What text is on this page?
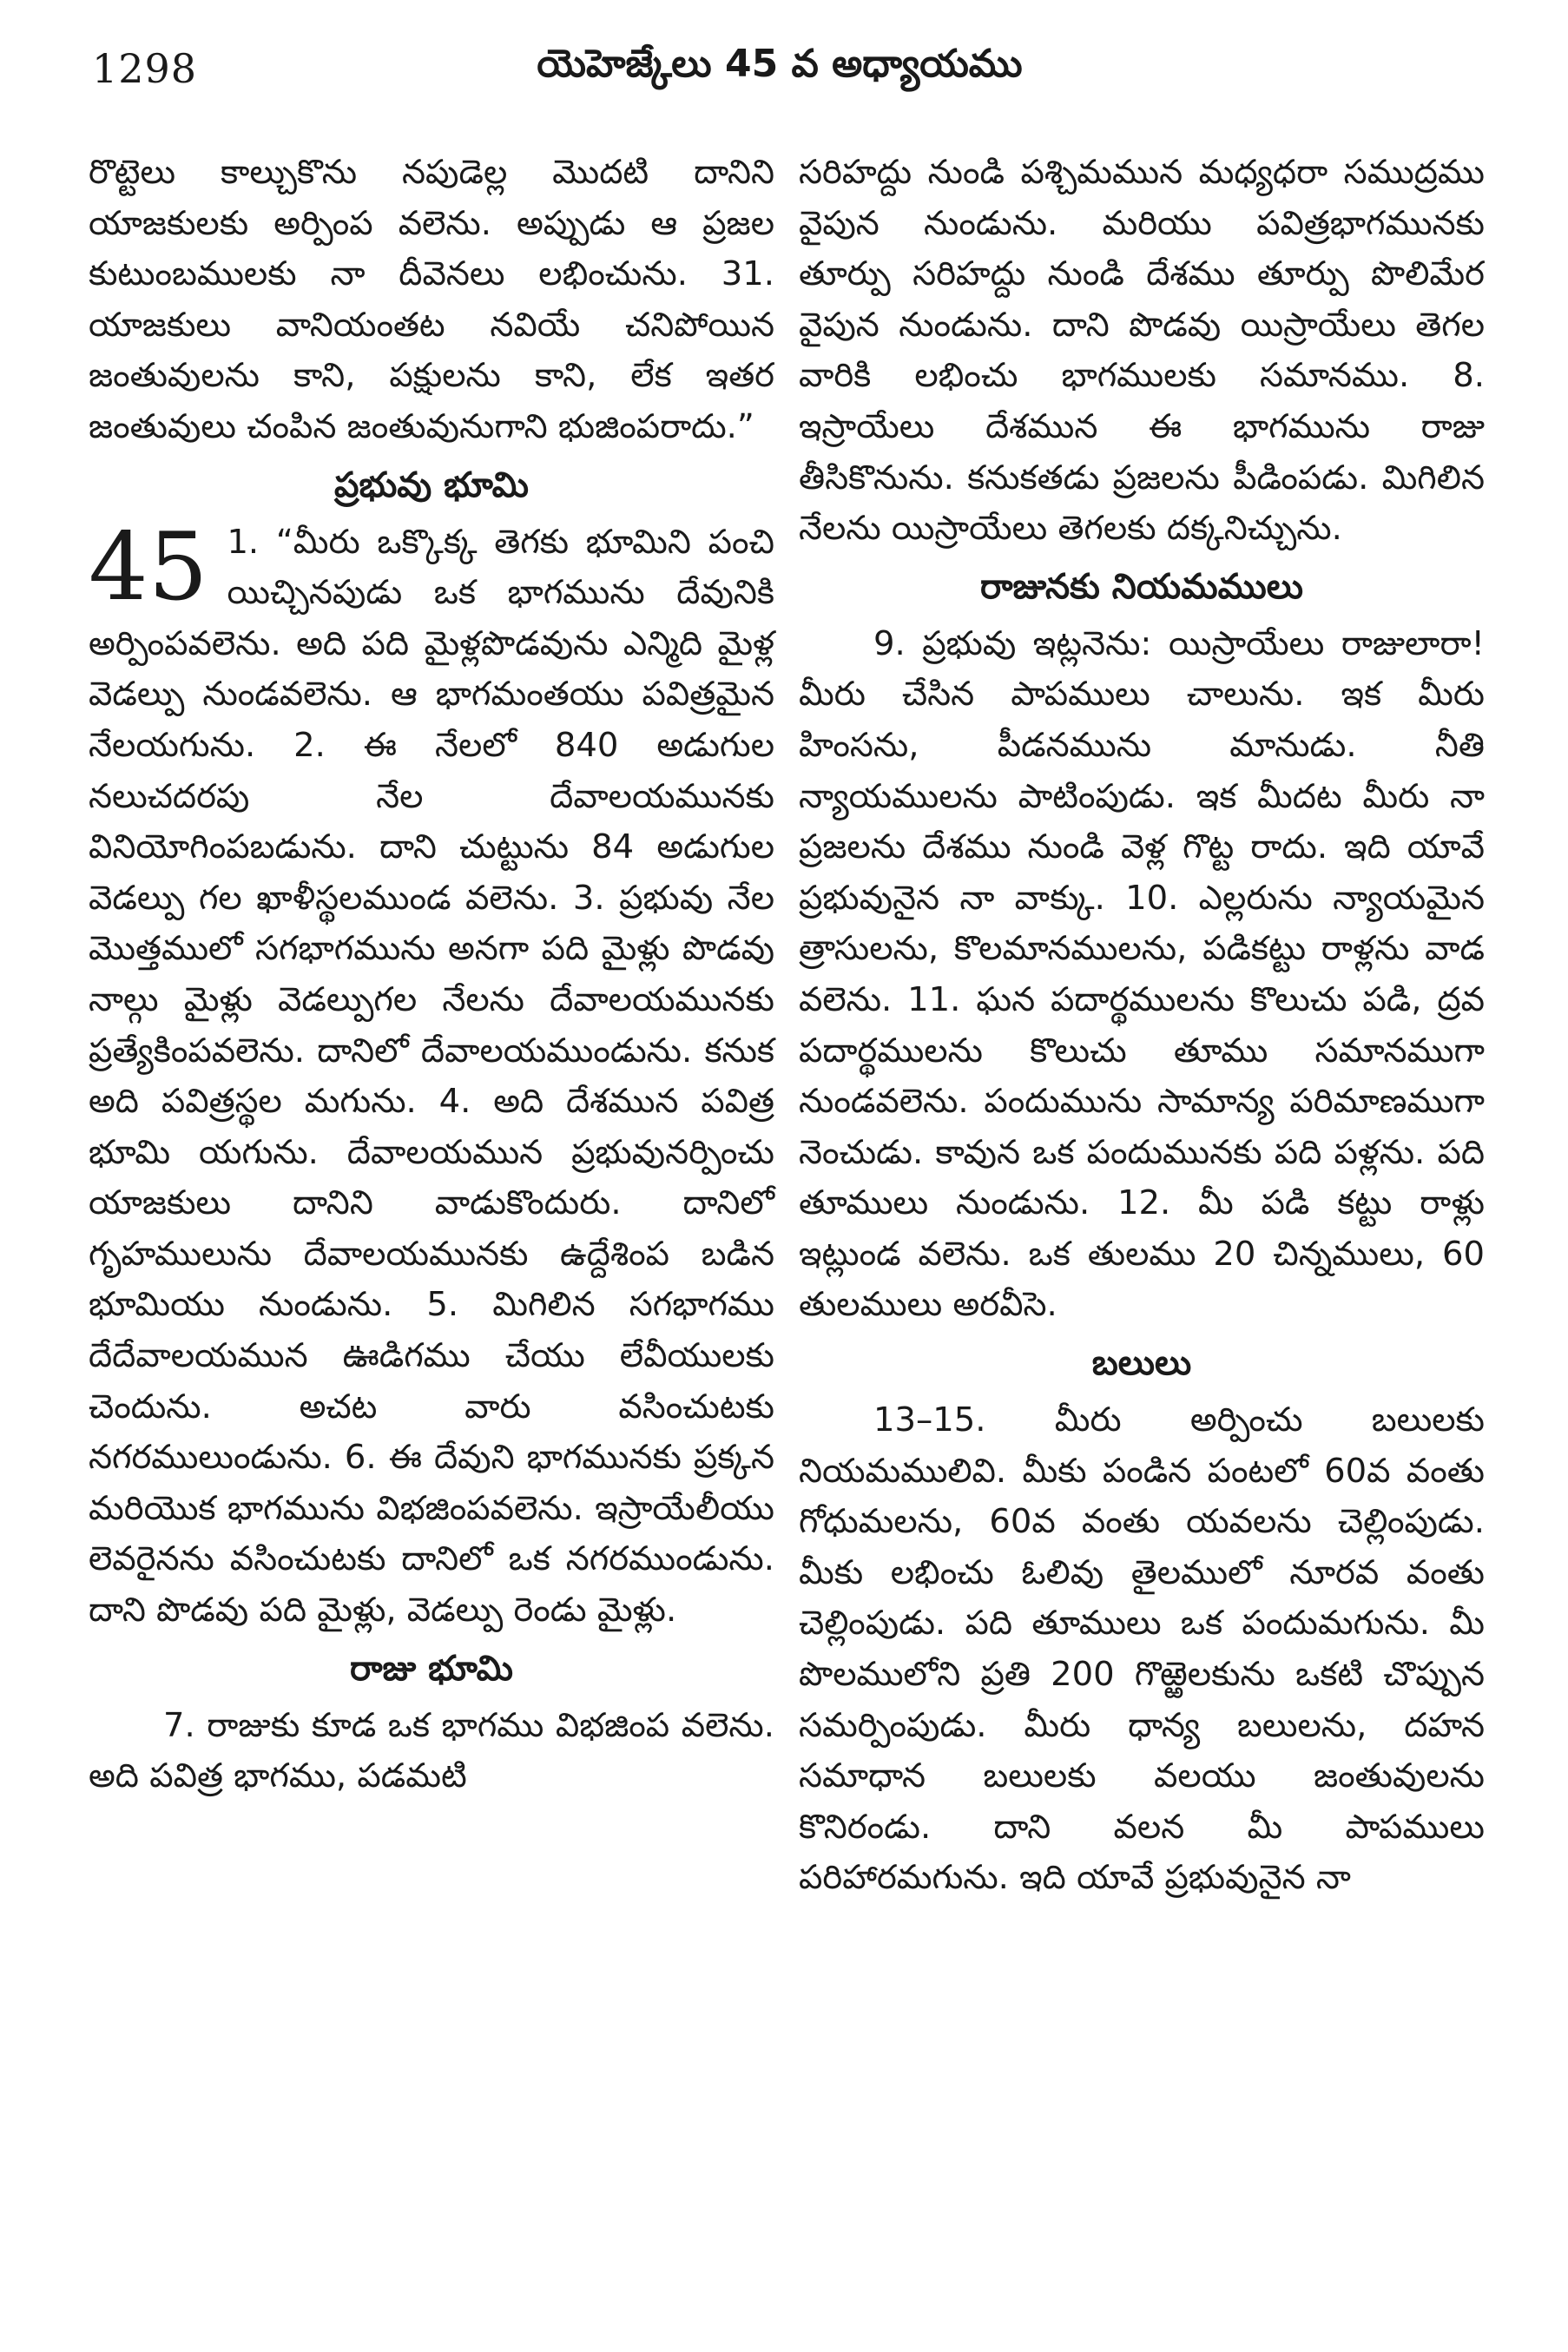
1298	యెహెజ్కేలు 45 వ అధ్యాయము

రొట్టెలు కాల్చుకొను నపుడెల్ల మొదటి దానిని యాజకులకు అర్పింప వలెను. అప్పుడు ఆ ప్రజల కుటుంబములకు నా దీవెనలు లభించును. 31. యాజకులు వానియంతట నవియే చనిపోయిన జంతువులను కాని, పక్షులను కాని, లేక ఇతర జంతువులు చంపిన జంతువునుగాని భుజింపరాదు.”

ప్రభువు భూమి

45 1. “మీరు ఒక్కొక్క తెగకు భూమిని పంచి యిచ్చినపుడు ఒక భాగమును దేవునికి అర్పింపవలెను. అది పది మైళ్లపొడవును ఎన్మిది మైళ్ల వెడల్పు నుండవలెను. ఆ భాగమంతయు పవిత్రమైన నేలయగును. 2. ఈ నేలలో 840 అడుగుల నలుచదరపు నేల దేవాలయమునకు వినియోగింపబడును. దాని చుట్టును 84 అడుగుల వెడల్పు గల ఖాళీస్థలముండ వలెను. 3. ప్రభువు నేల మొత్తములో సగభాగమును అనగా పది మైళ్లు పొడవు నాల్గు మైళ్లు వెడల్పుగల నేలను దేవాలయమునకు ప్రత్యేకింపవలెను. దానిలో దేవాలయముండును. కనుక అది పవిత్రస్థల మగును. 4. అది దేశమున పవిత్ర భూమి యగును. దేవాలయమున ప్రభువునర్పించు యాజకులు దానిని వాడుకొందురు. దానిలో గృహములును దేవాలయమునకు ఉద్దేశింప బడిన భూమియు నుండును. 5. మిగిలిన సగభాగము దేదేవాలయమున ఊడిగము చేయు లేవీయులకు చెందును. అచట వారు వసించుటకు నగరములుండును. 6. ఈ దేవుని భాగమునకు ప్రక్కన మరియొక భాగమును విభజింపవలెను. ఇస్రాయేలీయు లెవరైనను వసించుటకు దానిలో ఒక నగరముండును. దాని పొడవు పది మైళ్లు, వెడల్పు రెండు మైళ్లు.

రాజు భూమి

7. రాజుకు కూడ ఒక భాగము విభజింప వలెను. అది పవిత్ర భాగము, పడమటి

సరిహద్దు నుండి పశ్చిమమున మధ్యధరా సముద్రము వైపున నుండును. మరియు పవిత్రభాగమునకు తూర్పు సరిహద్దు నుండి దేశము తూర్పు పొలిమేర వైపున నుండును. దాని పొడవు యిస్రాయేలు తెగల వారికి లభించు భాగములకు సమానము. 8. ఇస్రాయేలు దేశమున ఈ భాగమును రాజు తీసికొనును. కనుకతడు ప్రజలను పీడింపడు. మిగిలిన నేలను యిస్రాయేలు తెగలకు దక్కనిచ్చును.

రాజునకు నియమములు

9. ప్రభువు ఇట్లనెను: యిస్రాయేలు రాజులారా! మీరు చేసిన పాపములు చాలును. ఇక మీరు హింసను, పీడనమును మానుడు. నీతి న్యాయములను పాటింపుడు. ఇక మీదట మీరు నా ప్రజలను దేశము నుండి వెళ్ల గొట్ట రాదు. ఇది యావే ప్రభువునైన నా వాక్కు. 10. ఎల్లరును న్యాయమైన త్రాసులను, కొలమానములను, పడికట్టు రాళ్లను వాడ వలెను. 11. ఘన పదార్థములను కొలుచు పడి, ద్రవ పదార్థములను కొలుచు తూము సమానముగా నుండవలెను. పందుమును సామాన్య పరిమాణముగా నెంచుడు. కావున ఒక పందుమునకు పది పళ్లను. పది తూములు నుండును. 12. మీ పడి కట్టు రాళ్లు ఇట్లుండ వలెను. ఒక తులము 20 చిన్నములు, 60 తులములు అరవీసె.

బలులు

13–15. మీరు అర్పించు బలులకు నియమములివి. మీకు పండిన పంటలో 60వ వంతు గోధుమలను, 60వ వంతు యవలను చెల్లింపుడు. మీకు లభించు ఓలివు తైలములో నూరవ వంతు చెల్లింపుడు. పది తూములు ఒక పందుమగును. మీ పొలములోని ప్రతి 200 గొఱ్ఱెలకును ఒకటి చొప్పున సమర్పింపుడు. మీరు ధాన్య బలులను, దహన సమాధాన బలులకు వలయు జంతువులను కొనిరండు. దాని వలన మీ పాపములు పరిహారమగును. ఇది యావే ప్రభువునైన నా
